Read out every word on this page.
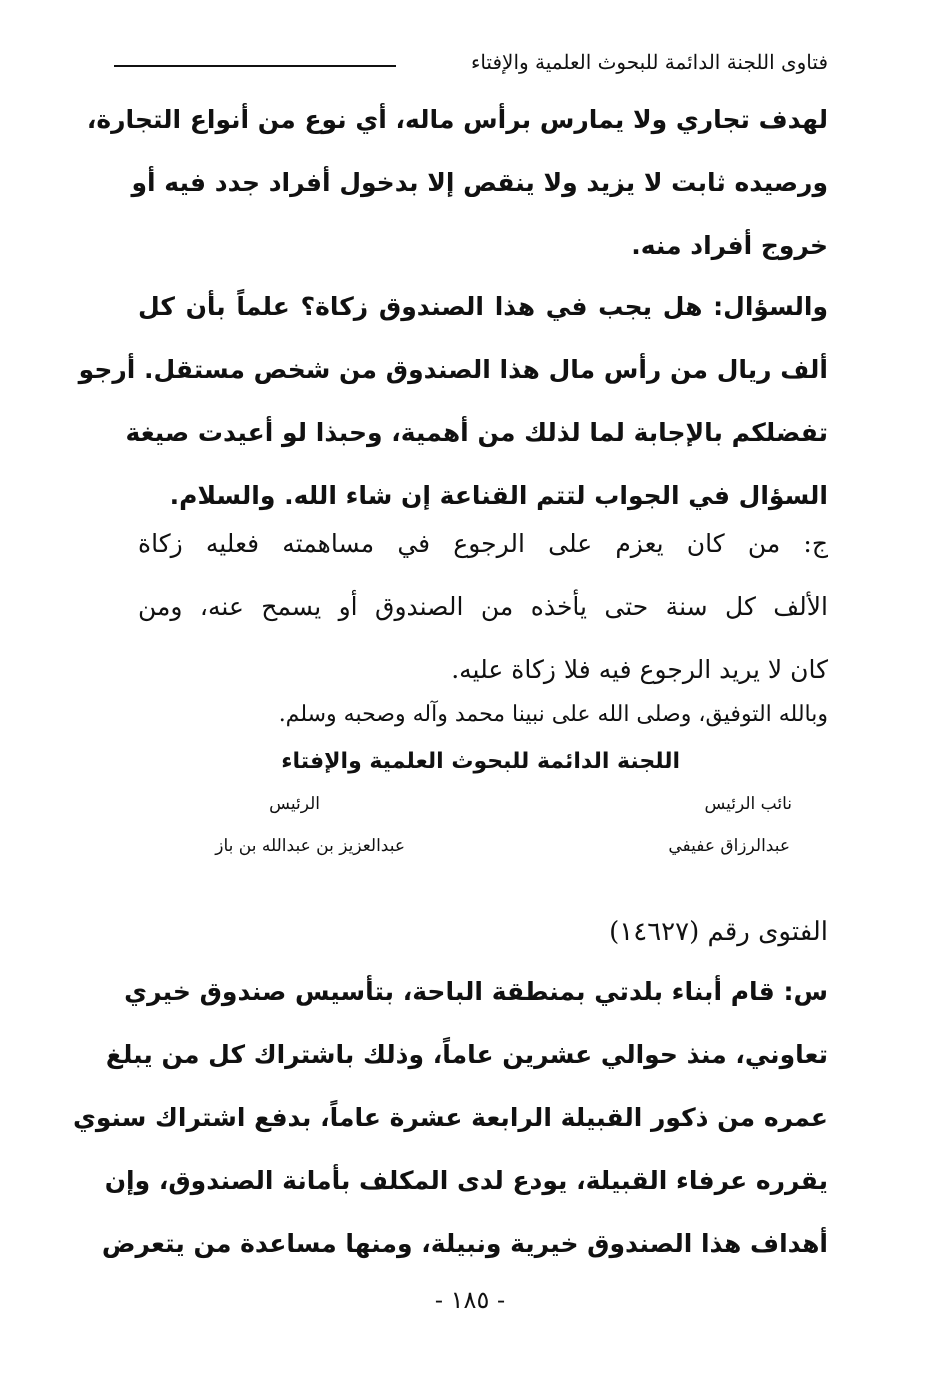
فتاوى اللجنة الدائمة للبحوث العلمية والإفتاء
لهدف تجاري ولا يمارس برأس ماله، أي نوع من أنواع التجارة،
ورصيده ثابت لا يزيد ولا ينقص إلا بدخول أفراد جدد فيه أو
خروج أفراد منه.
والسؤال: هل يجب في هذا الصندوق زكاة؟ علماً بأن كل
ألف ريال من رأس مال هذا الصندوق من شخص مستقل. أرجو
تفضلكم بالإجابة لما لذلك من أهمية، وحبذا لو أعيدت صيغة
السؤال في الجواب لتتم القناعة إن شاء الله. والسلام.
ج: من كان يعزم على الرجوع في مساهمته فعليه زكاة
الألف كل سنة حتى يأخذه من الصندوق أو يسمح عنه، ومن
كان لا يريد الرجوع فيه فلا زكاة عليه.
وبالله التوفيق، وصلى الله على نبينا محمد وآله وصحبه وسلم.
اللجنة الدائمة للبحوث العلمية والإفتاء
نائب الرئيس
الرئيس
عبدالرزاق عفيفي
عبدالعزيز بن عبدالله بن باز
الفتوى رقم (١٤٦٢٧)
س: قام أبناء بلدتي بمنطقة الباحة، بتأسيس صندوق خيري
تعاوني، منذ حوالي عشرين عاماً، وذلك باشتراك كل من يبلغ
عمره من ذكور القبيلة الرابعة عشرة عاماً، بدفع اشتراك سنوي
يقرره عرفاء القبيلة، يودع لدى المكلف بأمانة الصندوق، وإن
أهداف هذا الصندوق خيرية ونبيلة، ومنها مساعدة من يتعرض
- ١٨٥ -
